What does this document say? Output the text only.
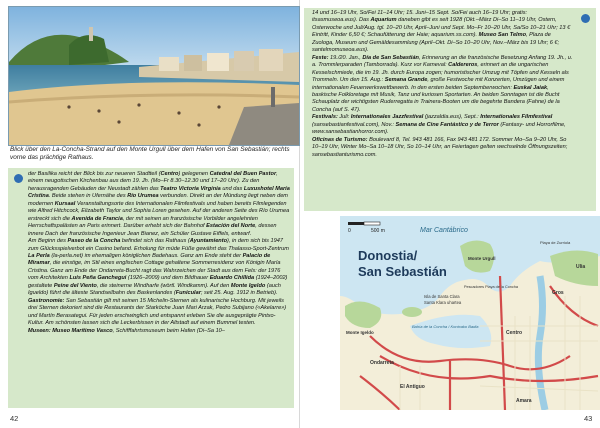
Blick über den La-Concha-Strand auf den Monte Urgull über dem Hafen von San Sebastián; rechts vorne das prächtige Rathaus.
der Basilika reicht der Blick bis zur neueren Stadtteil (Centro) gelegenen Catedral del Buen Pastor, einem neugotischen Kirchenbau aus dem 19. Jh. (Mo–Fr 8.30–12.30 und 17–20 Uhr). Zu den herausragenden Gebäuden der Neustadt zählen das Teatro Victoria Virgínia und das Luxushotel María Cristina. Beide stehen in Ufernähe des Río Urumea verbunden. Direkt an der Mündung liegt neben dem modernen Kursaal Veranstaltungsorte des Internationalen Filmfestivals und haben bereits Filmlegenden wie Alfred Hitchcock, Elizabeth Taylor und Sophia Loren gesehen. Auf der anderen Seite des Río Urumea erstreckt sich die Avenida de Francia, der mit seinen an französische Vorbilder angelehnten Herrschaftspalästen an Paris erinnert. Darüber erhebt sich der Bahnhof Estación del Norte, dessen innere Dach der französische Ingenieur Jean Bianez, ein Schüler Gustave Eiffels, entwarf.
Am Beginn des Paseo de la Concha befindet sich das Rathaus (Ayuntamiento), in dem sich bis 1947 zum Glücksspielverbot ein Casino befand. Erholung für müde Füße gewährt das Thalasso-Sport-Zentrum La Perla (la-perla.net) im ehemaligen königlichen Badehaus. Ganz am Ende steht der Palacio de Miramar, die einstige, im Stil eines englischen Cottage gehaltene Sommerresidenz von Königin María Cristina. Ganz am Ende der Ondarreta-Bucht ragt das Wahrzeichen der Stadt aus dem Fels: der 1976 vom Architekten Luis Peña Ganchegui (1926–2009) und dem Bildhauer Eduardo Chillida (1924–2002) gestaltete Peine del Viento, die steinerne Windharfe (wörtl. Windkamm). Auf den Monte Igeldo (auch Igueldo) führt die älteste Standseilbahn des Baskenlandes (Funicular; seit 25. Aug. 1912 in Betrieb).
Gastronomie: San Sebastián gilt mit seinen 15 Michelin-Sternen als kulinarische Hochburg. Mit jeweils drei Sternen dekoriert sind die Restaurants der Starköche Juan Mari Arzak, Pedro Subijano («Akelarre») und Martín Berasategui. Für jeden erschwinglich und entspannt erleben Sie die ausgeprägte Pintxo-Kultur. Am schönsten lassen sich die Leckerbissen in der Altstadt auf einem Bummel testen.
Museen: Museo Marítimo Vasco, Schifffahrtsmuseum beim Hafen (Di–Sa 10–
42
14 und 16–19 Uhr, So/Fei 11–14 Uhr; 15. Juni–15 Sept. So/Fei auch 16–19 Uhr; gratis: itsasmuseoa.eus). Das Aquarium daneben gibt es seit 1928 (Okt.–März Di–So 11–19 Uhr, Ostern, Osterwoche und Juli/Aug. tgl. 10–20 Uhr, April–Juni und Sept. Mo–Fr 10–20 Uhr, Sa/So 10–21 Uhr; 13 € Eintritt, Kinder 6,50 €; Schaufütterung der Haie; aquarium.ss.com). Museo San Telmo, Plaza de Zuologa, Museum und Gemäldesammlung (April–Okt. Di–So 10–20 Uhr, Nov.–März bis 19 Uhr; 6 €; santelmomuseoa.eus).
Feste: 19./20. Jan., Día de San Sebastián, Erinnerung an die französische Besetzung Anfang 19. Jh., u. a. Trommlerparaden (Tamborrada). Kurz vor Karneval: Caldereros, erinnert an die ungarischen Kesselschmiede, die im 19. Jh. durch Europa zogen; humoristischer Umzug mit Töpfen und Kesseln als Trommeln. Um den 15. Aug.: Semana Grande, große Festwoche mit Konzerten, Umzügen und einem internationalen Feuerwerkswettbewerb. In den ersten beiden Septemberwochen: Euskal Jaiak, baskische Folkloretage mit Musik, Tanz und kuriosen Sportarten. An beiden Sonntagen ist die Bucht Schauplatz der wichtigsten Ruderregatta in Trainera-Booten um die begehrte Bandera (Fahne) de la Concha (auf S. 47).
Festivals: Juli: Internationales Jazzfestival (jazzaldia.eus), Sept.: Internationales Filmfestival (sansebastianfestival.com), Nov.: Semana de Cine Fantástico y de Terror (Fantasy- und Horrorfilme, www.sansebastianhorror.com).
Oficinas de Turismo: Boulevard 8, Tel. 943 481 166, Fax 943 481 172. Sommer Mo–Sa 9–20 Uhr, So 10–19 Uhr, Winter Mo–Sa 10–18 Uhr, So 10–14 Uhr, an Feiertagen gelten wechselnde Öffnungszeiten; sansebastianturismo.com.
0	500 m	Mar Cantábrico
Donostia/
San Sebastián
Monte Urgull
Isla de Santa Clara
Santa Klara uhartea
Bahía de la Concha / Kontxako Badia
Monte Igeldo
Ondarreta
El Antiguo
Playa de Zurriola
Centro
Amara
Gros
Pescadores Playa de la Concha
Ulia
43
